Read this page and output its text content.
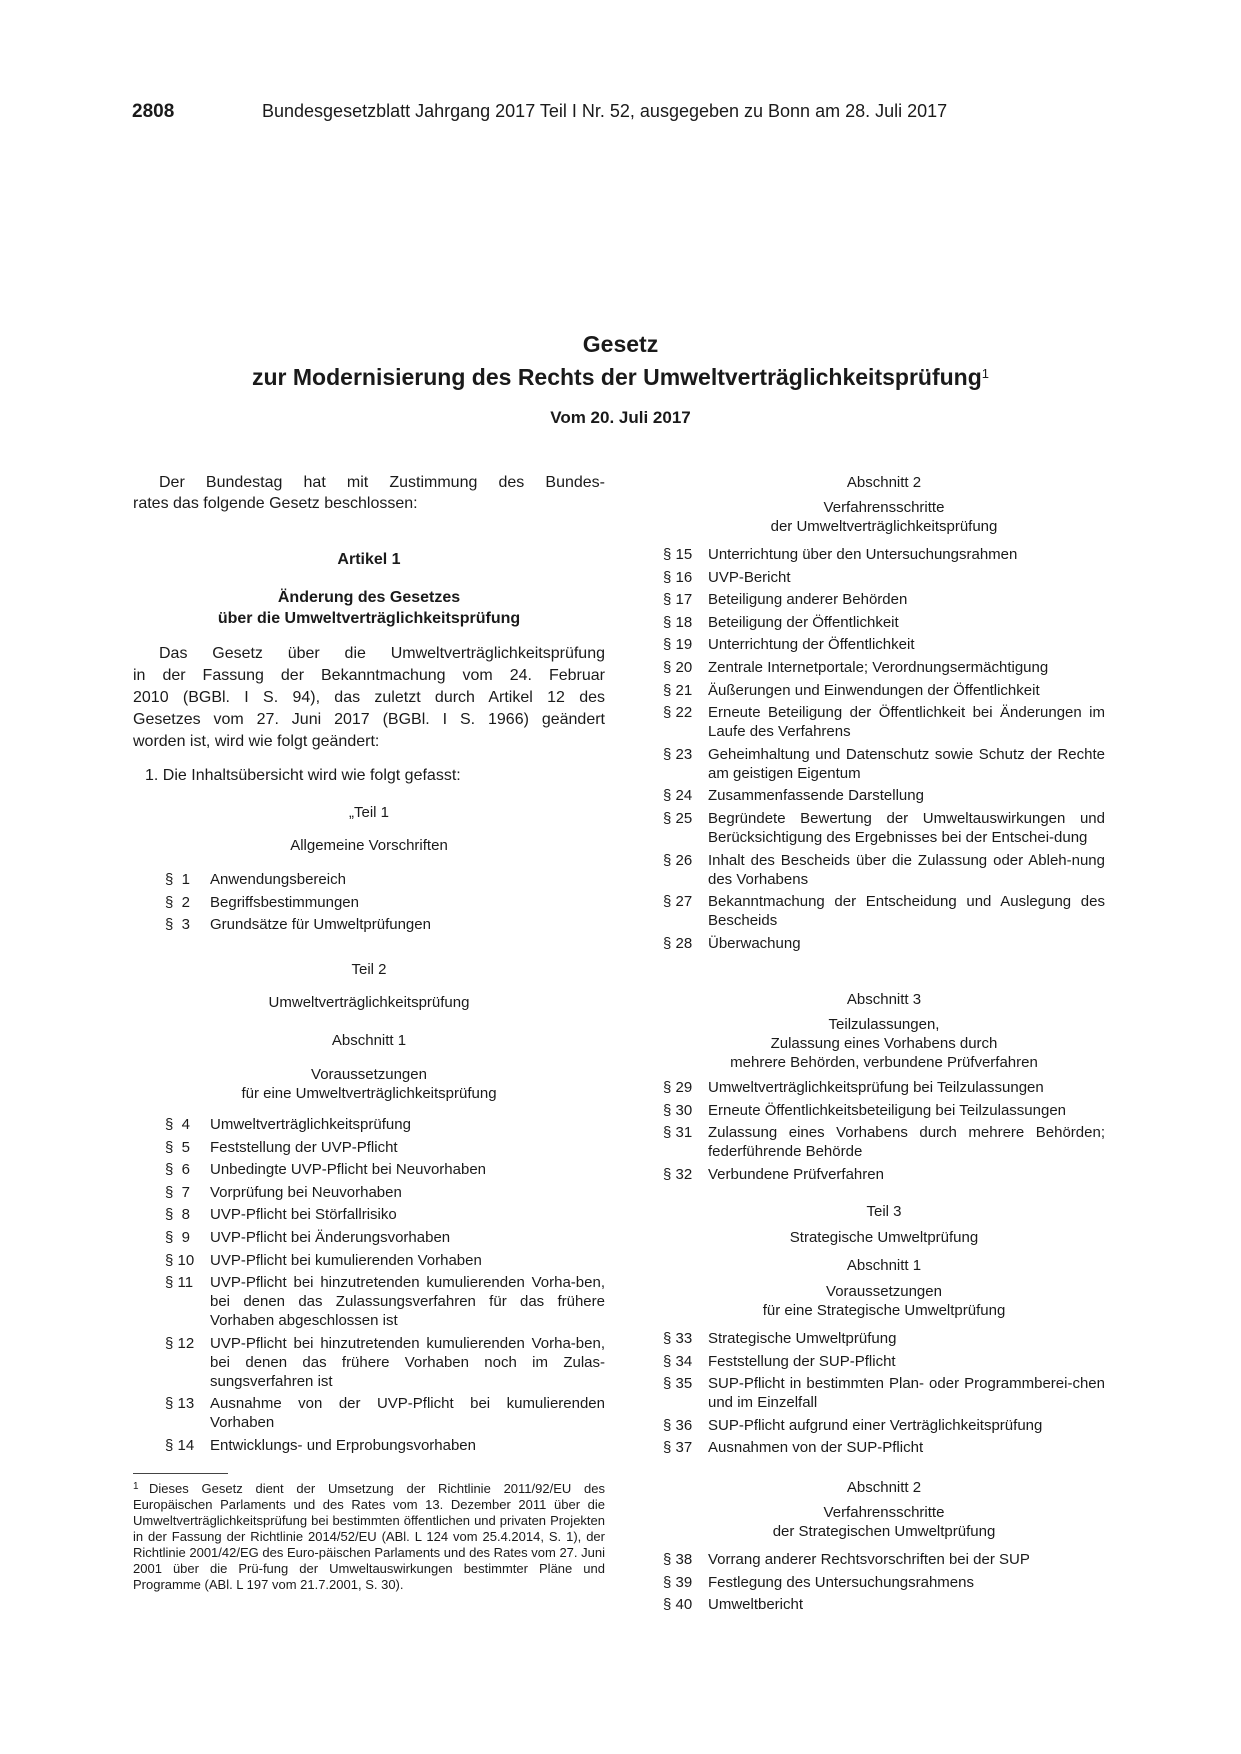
2808	Bundesgesetzblatt Jahrgang 2017 Teil I Nr. 52, ausgegeben zu Bonn am 28. Juli 2017
Gesetz
zur Modernisierung des Rechts der Umweltverträglichkeitsprüfung$^1$
Vom 20. Juli 2017
Der Bundestag hat mit Zustimmung des Bundes-
rates das folgende Gesetz beschlossen:
Artikel 1
Änderung des Gesetzes
über die Umweltverträglichkeitsprüfung
Das Gesetz über die Umweltverträglichkeitsprüfung
in der Fassung der Bekanntmachung vom 24. Februar
2010 (BGBl. I S. 94), das zuletzt durch Artikel 12 des
Gesetzes vom 27. Juni 2017 (BGBl. I S. 1966) geändert
worden ist, wird wie folgt geändert:
1. Die Inhaltsübersicht wird wie folgt gefasst:
„Teil 1
Allgemeine Vorschriften
§  1	Anwendungsbereich
§  2	Begriffsbestimmungen
§  3	Grundsätze für Umweltprüfungen
Teil 2
Umweltverträglichkeitsprüfung
Abschnitt 1
Voraussetzungen
für eine Umweltverträglichkeitsprüfung
§  4	Umweltverträglichkeitsprüfung
§  5	Feststellung der UVP-Pflicht
§  6	Unbedingte UVP-Pflicht bei Neuvorhaben
§  7	Vorprüfung bei Neuvorhaben
§  8	UVP-Pflicht bei Störfallrisiko
§  9	UVP-Pflicht bei Änderungsvorhaben
§ 10	UVP-Pflicht bei kumulierenden Vorhaben
§ 11	UVP-Pflicht bei hinzutretenden kumulierenden Vorha-ben, bei denen das Zulassungsverfahren für das frühere Vorhaben abgeschlossen ist
§ 12	UVP-Pflicht bei hinzutretenden kumulierenden Vorha-ben, bei denen das frühere Vorhaben noch im Zulas-sungsverfahren ist
§ 13	Ausnahme von der UVP-Pflicht bei kumulierenden Vorhaben
§ 14	Entwicklungs- und Erprobungsvorhaben
Abschnitt 2
Verfahrensschritte
der Umweltverträglichkeitsprüfung
§ 15	Unterrichtung über den Untersuchungsrahmen
§ 16	UVP-Bericht
§ 17	Beteiligung anderer Behörden
§ 18	Beteiligung der Öffentlichkeit
§ 19	Unterrichtung der Öffentlichkeit
§ 20	Zentrale Internetportale; Verordnungsermächtigung
§ 21	Äußerungen und Einwendungen der Öffentlichkeit
§ 22	Erneute Beteiligung der Öffentlichkeit bei Änderungen im Laufe des Verfahrens
§ 23	Geheimhaltung und Datenschutz sowie Schutz der Rechte am geistigen Eigentum
§ 24	Zusammenfassende Darstellung
§ 25	Begründete Bewertung der Umweltauswirkungen und Berücksichtigung des Ergebnisses bei der Entschei-dung
§ 26	Inhalt des Bescheids über die Zulassung oder Ableh-nung des Vorhabens
§ 27	Bekanntmachung der Entscheidung und Auslegung des Bescheids
§ 28	Überwachung
Abschnitt 3
Teilzulassungen,
Zulassung eines Vorhabens durch
mehrere Behörden, verbundene Prüfverfahren
§ 29	Umweltverträglichkeitsprüfung bei Teilzulassungen
§ 30	Erneute Öffentlichkeitsbeteiligung bei Teilzulassungen
§ 31	Zulassung eines Vorhabens durch mehrere Behörden; federführende Behörde
§ 32	Verbundene Prüfverfahren
Teil 3
Strategische Umweltprüfung
Abschnitt 1
Voraussetzungen
für eine Strategische Umweltprüfung
§ 33	Strategische Umweltprüfung
§ 34	Feststellung der SUP-Pflicht
§ 35	SUP-Pflicht in bestimmten Plan- oder Programmberei-chen und im Einzelfall
§ 36	SUP-Pflicht aufgrund einer Verträglichkeitsprüfung
§ 37	Ausnahmen von der SUP-Pflicht
Abschnitt 2
Verfahrensschritte
der Strategischen Umweltprüfung
§ 38	Vorrang anderer Rechtsvorschriften bei der SUP
§ 39	Festlegung des Untersuchungsrahmens
§ 40	Umweltbericht
1 Dieses Gesetz dient der Umsetzung der Richtlinie 2011/92/EU des Europäischen Parlaments und des Rates vom 13. Dezember 2011 über die Umweltverträglichkeitsprüfung bei bestimmten öffentlichen und privaten Projekten in der Fassung der Richtlinie 2014/52/EU (ABl. L 124 vom 25.4.2014, S. 1), der Richtlinie 2001/42/EG des Euro-päischen Parlaments und des Rates vom 27. Juni 2001 über die Prü-fung der Umweltauswirkungen bestimmter Pläne und Programme (ABl. L 197 vom 21.7.2001, S. 30).
